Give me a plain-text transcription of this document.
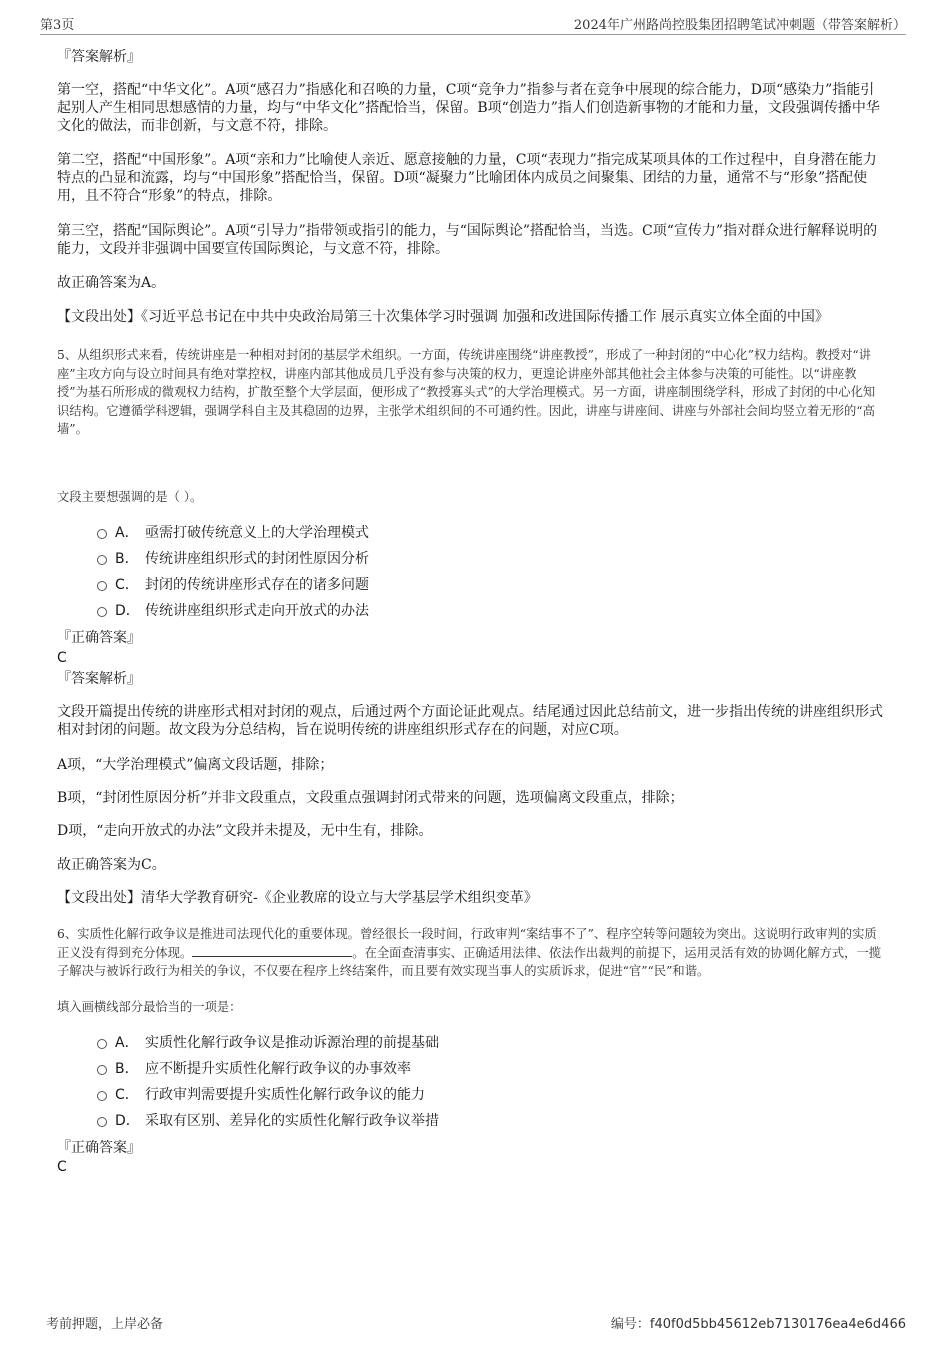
第3页	2024年广州路尚控股集团招聘笔试冲刺题（带答案解析）
『答案解析』
第一空，搭配“中华文化”。A项“感召力”指感化和召唤的力量，C项“竞争力”指参与者在竞争中展现的综合能力，D项“感染力”指能引起别人产生相同思想感情的力量，均与“中华文化”搭配恰当，保留。B项“创造力”指人们创造新事物的才能和力量，文段强调传播中华文化的做法，而非创新，与文意不符，排除。
第二空，搭配“中国形象”。A项“亲和力”比喻使人亲近、愿意接触的力量，C项“表现力”指完成某项具体的工作过程中，自身潜在能力特点的凸显和流露，均与“中国形象”搭配恰当，保留。D项“凝聚力”比喻团体内成员之间聚集、团结的力量，通常不与“形象”搭配使用，且不符合“形象”的特点，排除。
第三空，搭配“国际舆论”。A项“引导力”指带领或指引的能力，与“国际舆论”搭配恰当，当选。C项“宣传力”指对群众进行解释说明的能力，文段并非强调中国要宣传国际舆论，与文意不符，排除。
故正确答案为A。
【文段出处】《习近平总书记在中共中央政治局第三十次集体学习时强调 加强和改进国际传播工作 展示真实立体全面的中国》
5、从组织形式来看，传统讲座是一种相对封闭的基层学术组织。一方面，传统讲座围绕“讲座教授”，形成了一种封闭的“中心化”权力结构。教授对“讲座”主攻方向与设立时间具有绝对掌控权，讲座内部其他成员几乎没有参与决策的权力，更遑论讲座外部其他社会主体参与决策的可能性。以“讲座教授”为基石所形成的微观权力结构，扩散至整个大学层面，便形成了“教授寡头式”的大学治理模式。另一方面，讲座制围绕学科，形成了封闭的中心化知识结构。它遵循学科逻辑，强调学科自主及其稳固的边界，主张学术组织间的不可通约性。因此，讲座与讲座间、讲座与外部社会间均竖立着无形的“高墙”。
文段主要想强调的是（ ）。
A． 亟需打破传统意义上的大学治理模式
B． 传统讲座组织形式的封闭性原因分析
C． 封闭的传统讲座形式存在的诸多问题
D． 传统讲座组织形式走向开放式的办法
『正确答案』
C
『答案解析』
文段开篇提出传统的讲座形式相对封闭的观点，后通过两个方面论证此观点。结尾通过因此总结前文，进一步指出传统的讲座组织形式相对封闭的问题。故文段为分总结构，旨在说明传统的讲座组织形式存在的问题，对应C项。
A项，“大学治理模式”偏离文段话题，排除；
B项，“封闭性原因分析”并非文段重点，文段重点强调封闭式带来的问题，选项偏离文段重点，排除；
D项，“走向开放式的办法”文段并未提及，无中生有，排除。
故正确答案为C。
【文段出处】清华大学教育研究-《企业教席的设立与大学基层学术组织变革》
6、实质性化解行政争议是推进司法现代化的重要体现。曾经很长一段时间，行政审判“案结事不了”、程序空转等问题较为突出。这说明行政审判的实质正义没有得到充分体现。	。在全面查清事实、正确适用法律、依法作出裁判的前提下，运用灵活有效的协调化解方式，一揽子解决与被诉行政行为相关的争议，不仅要在程序上终结案件，而且要有效实现当事人的实质诉求，促进“官”“民”和谐。
填入画横线部分最恰当的一项是：
A． 实质性化解行政争议是推动诉源治理的前提基础
B． 应不断提升实质性化解行政争议的办事效率
C． 行政审判需要提升实质性化解行政争议的能力
D． 采取有区别、差异化的实质性化解行政争议举措
『正确答案』
C
考前押题，上岸必备	编号：f40f0d5bb45612eb7130176ea4e6d466
